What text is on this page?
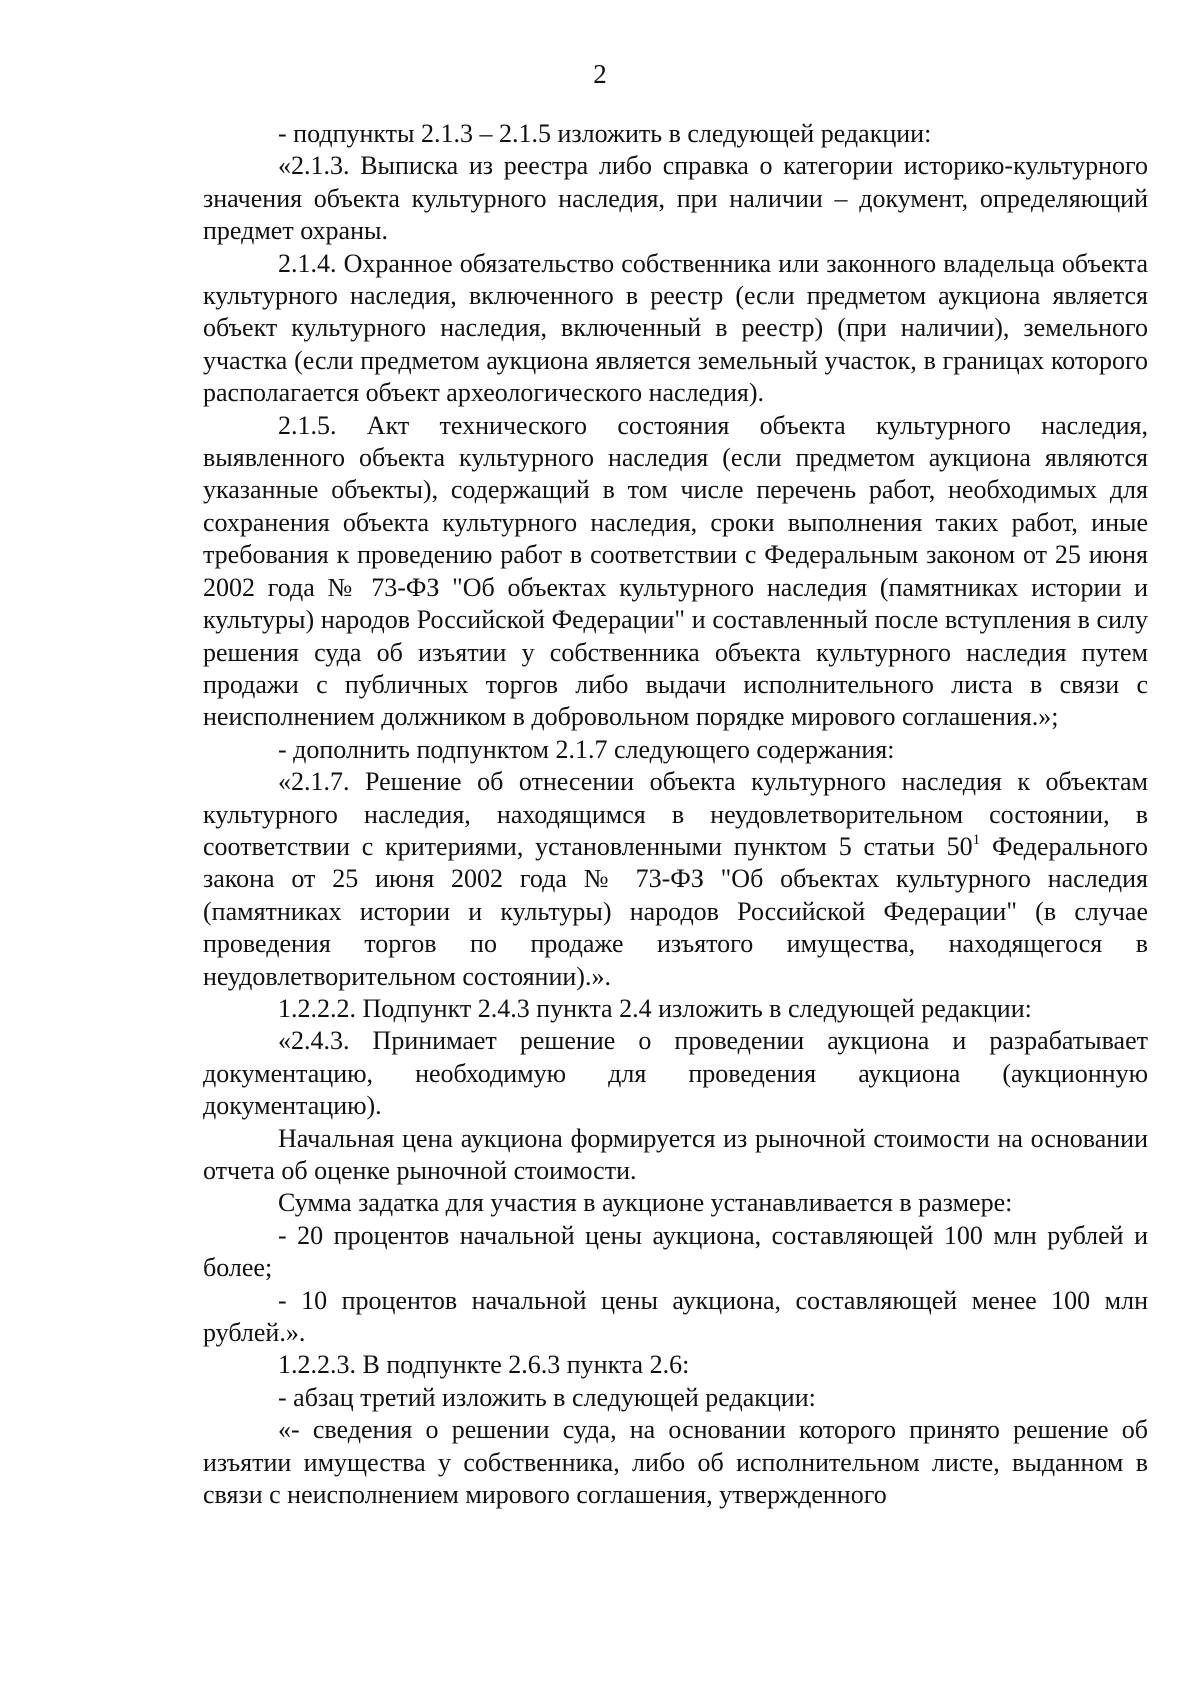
2

- подпункты 2.1.3 – 2.1.5 изложить в следующей редакции:

«2.1.3. Выписка из реестра либо справка о категории историко-культурного значения объекта культурного наследия, при наличии – документ, определяющий предмет охраны.

2.1.4. Охранное обязательство собственника или законного владельца объекта культурного наследия, включенного в реестр (если предметом аукциона является объект культурного наследия, включенный в реестр) (при наличии), земельного участка (если предметом аукциона является земельный участок, в границах которого располагается объект археологического наследия).

2.1.5. Акт технического состояния объекта культурного наследия, выявленного объекта культурного наследия (если предметом аукциона являются указанные объекты), содержащий в том числе перечень работ, необходимых для сохранения объекта культурного наследия, сроки выполнения таких работ, иные требования к проведению работ в соответствии с Федеральным законом от 25 июня 2002 года № 73-ФЗ "Об объектах культурного наследия (памятниках истории и культуры) народов Российской Федерации" и составленный после вступления в силу решения суда об изъятии у собственника объекта культурного наследия путем продажи с публичных торгов либо выдачи исполнительного листа в связи с неисполнением должником в добровольном порядке мирового соглашения.»;

- дополнить подпунктом 2.1.7 следующего содержания:

«2.1.7. Решение об отнесении объекта культурного наследия к объектам культурного наследия, находящимся в неудовлетворительном состоянии, в соответствии с критериями, установленными пунктом 5 статьи $50^1$ Федерального закона от 25 июня 2002 года № 73-ФЗ "Об объектах культурного наследия (памятниках истории и культуры) народов Российской Федерации" (в случае проведения торгов по продаже изъятого имущества, находящегося в неудовлетворительном состоянии).».

1.2.2.2. Подпункт 2.4.3 пункта 2.4 изложить в следующей редакции:

«2.4.3. Принимает решение о проведении аукциона и разрабатывает документацию, необходимую для проведения аукциона (аукционную документацию).

Начальная цена аукциона формируется из рыночной стоимости на основании отчета об оценке рыночной стоимости.

Сумма задатка для участия в аукционе устанавливается в размере:

- 20 процентов начальной цены аукциона, составляющей 100 млн рублей и более;

- 10 процентов начальной цены аукциона, составляющей менее 100 млн рублей.».

1.2.2.3. В подпункте 2.6.3 пункта 2.6:

- абзац третий изложить в следующей редакции:

«- сведения о решении суда, на основании которого принято решение об изъятии имущества у собственника, либо об исполнительном листе, выданном в связи с неисполнением мирового соглашения, утвержденного
